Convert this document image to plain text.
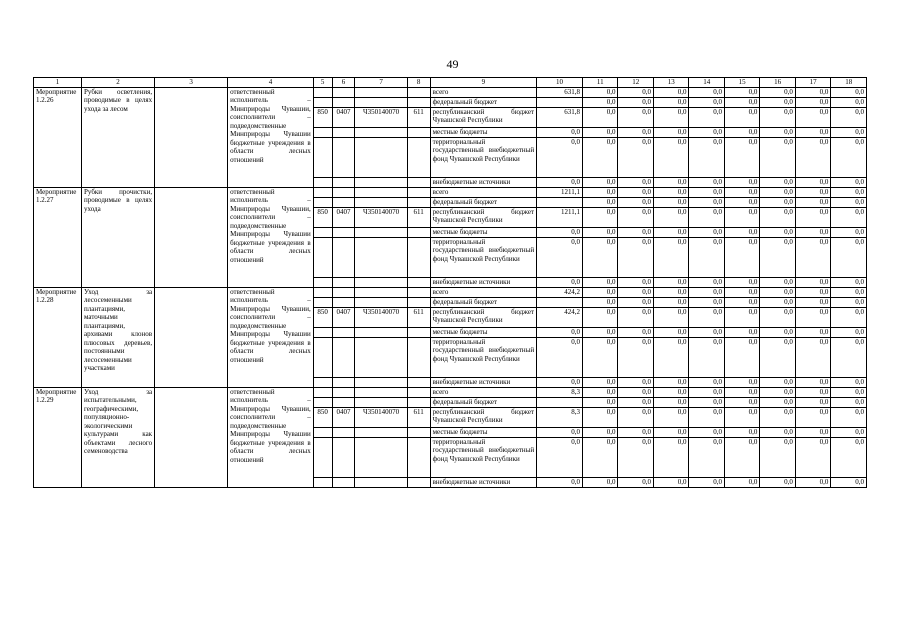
49
1	2	3	4	5	6	7	8	9	10	11	12	13	14	15	16	17	18
Мероприятие 1.2.26	Рубки осветления, проводимые в целях ухода за лесом		ответственный исполнитель – Минприроды Чувашии, соисполнители – подведомственные Минприроды Чувашии бюджетные учреждения в области лесных отношений					всего	631,8	0,0	0,0	0,0	0,0	0,0	0,0	0,0	0,0
								федеральный бюджет		0,0	0,0	0,0	0,0	0,0	0,0	0,0	0,0
				850	0407	Ч350140070	611	республиканский бюджет Чувашской Республики	631,8	0,0	0,0	0,0	0,0	0,0	0,0	0,0	0,0
								местные бюджеты	0,0	0,0	0,0	0,0	0,0	0,0	0,0	0,0	0,0
								территориальный государственный внебюджетный фонд Чувашской Республики	0,0	0,0	0,0	0,0	0,0	0,0	0,0	0,0	0,0
								внебюджетные источники	0,0	0,0	0,0	0,0	0,0	0,0	0,0	0,0	0,0
Мероприятие 1.2.27	Рубки прочистки, проводимые в целях ухода		ответственный исполнитель – Минприроды Чувашии, соисполнители – подведомственные Минприроды Чувашии бюджетные учреждения в области лесных отношений					всего	1211,1	0,0	0,0	0,0	0,0	0,0	0,0	0,0	0,0
								федеральный бюджет		0,0	0,0	0,0	0,0	0,0	0,0	0,0	0,0
				850	0407	Ч350140070	611	республиканский бюджет Чувашской Республики	1211,1	0,0	0,0	0,0	0,0	0,0	0,0	0,0	0,0
								местные бюджеты	0,0	0,0	0,0	0,0	0,0	0,0	0,0	0,0	0,0
								территориальный государственный внебюджетный фонд Чувашской Республики	0,0	0,0	0,0	0,0	0,0	0,0	0,0	0,0	0,0
								внебюджетные источники	0,0	0,0	0,0	0,0	0,0	0,0	0,0	0,0	0,0
Мероприятие 1.2.28	Уход за лесосеменными плантациями, маточными плантациями, архивами клонов плюсовых деревьев, постоянными лесосеменными участками		ответственный исполнитель – Минприроды Чувашии, соисполнители – подведомственные Минприроды Чувашии бюджетные учреждения в области лесных отношений					всего	424,2	0,0	0,0	0,0	0,0	0,0	0,0	0,0	0,0
								федеральный бюджет		0,0	0,0	0,0	0,0	0,0	0,0	0,0	0,0
				850	0407	Ч350140070	611	республиканский бюджет Чувашской Республики	424,2	0,0	0,0	0,0	0,0	0,0	0,0	0,0	0,0
								местные бюджеты	0,0	0,0	0,0	0,0	0,0	0,0	0,0	0,0	0,0
								территориальный государственный внебюджетный фонд Чувашской Республики	0,0	0,0	0,0	0,0	0,0	0,0	0,0	0,0	0,0
								внебюджетные источники	0,0	0,0	0,0	0,0	0,0	0,0	0,0	0,0	0,0
Мероприятие 1.2.29	Уход за испытательными, географическими, популяционно-экологическими культурами как объектами лесного семеноводства		ответственный исполнитель – Минприроды Чувашии, соисполнители – подведомственные Минприроды Чувашии бюджетные учреждения в области лесных отношений					всего	8,3	0,0	0,0	0,0	0,0	0,0	0,0	0,0	0,0
								федеральный бюджет		0,0	0,0	0,0	0,0	0,0	0,0	0,0	0,0
				850	0407	Ч350140070	611	республиканский бюджет Чувашской Республики	8,3	0,0	0,0	0,0	0,0	0,0	0,0	0,0	0,0
								местные бюджеты	0,0	0,0	0,0	0,0	0,0	0,0	0,0	0,0	0,0
								территориальный государственный внебюджетный фонд Чувашской Республики	0,0	0,0	0,0	0,0	0,0	0,0	0,0	0,0	0,0
								внебюджетные источники	0,0	0,0	0,0	0,0	0,0	0,0	0,0	0,0	0,0
